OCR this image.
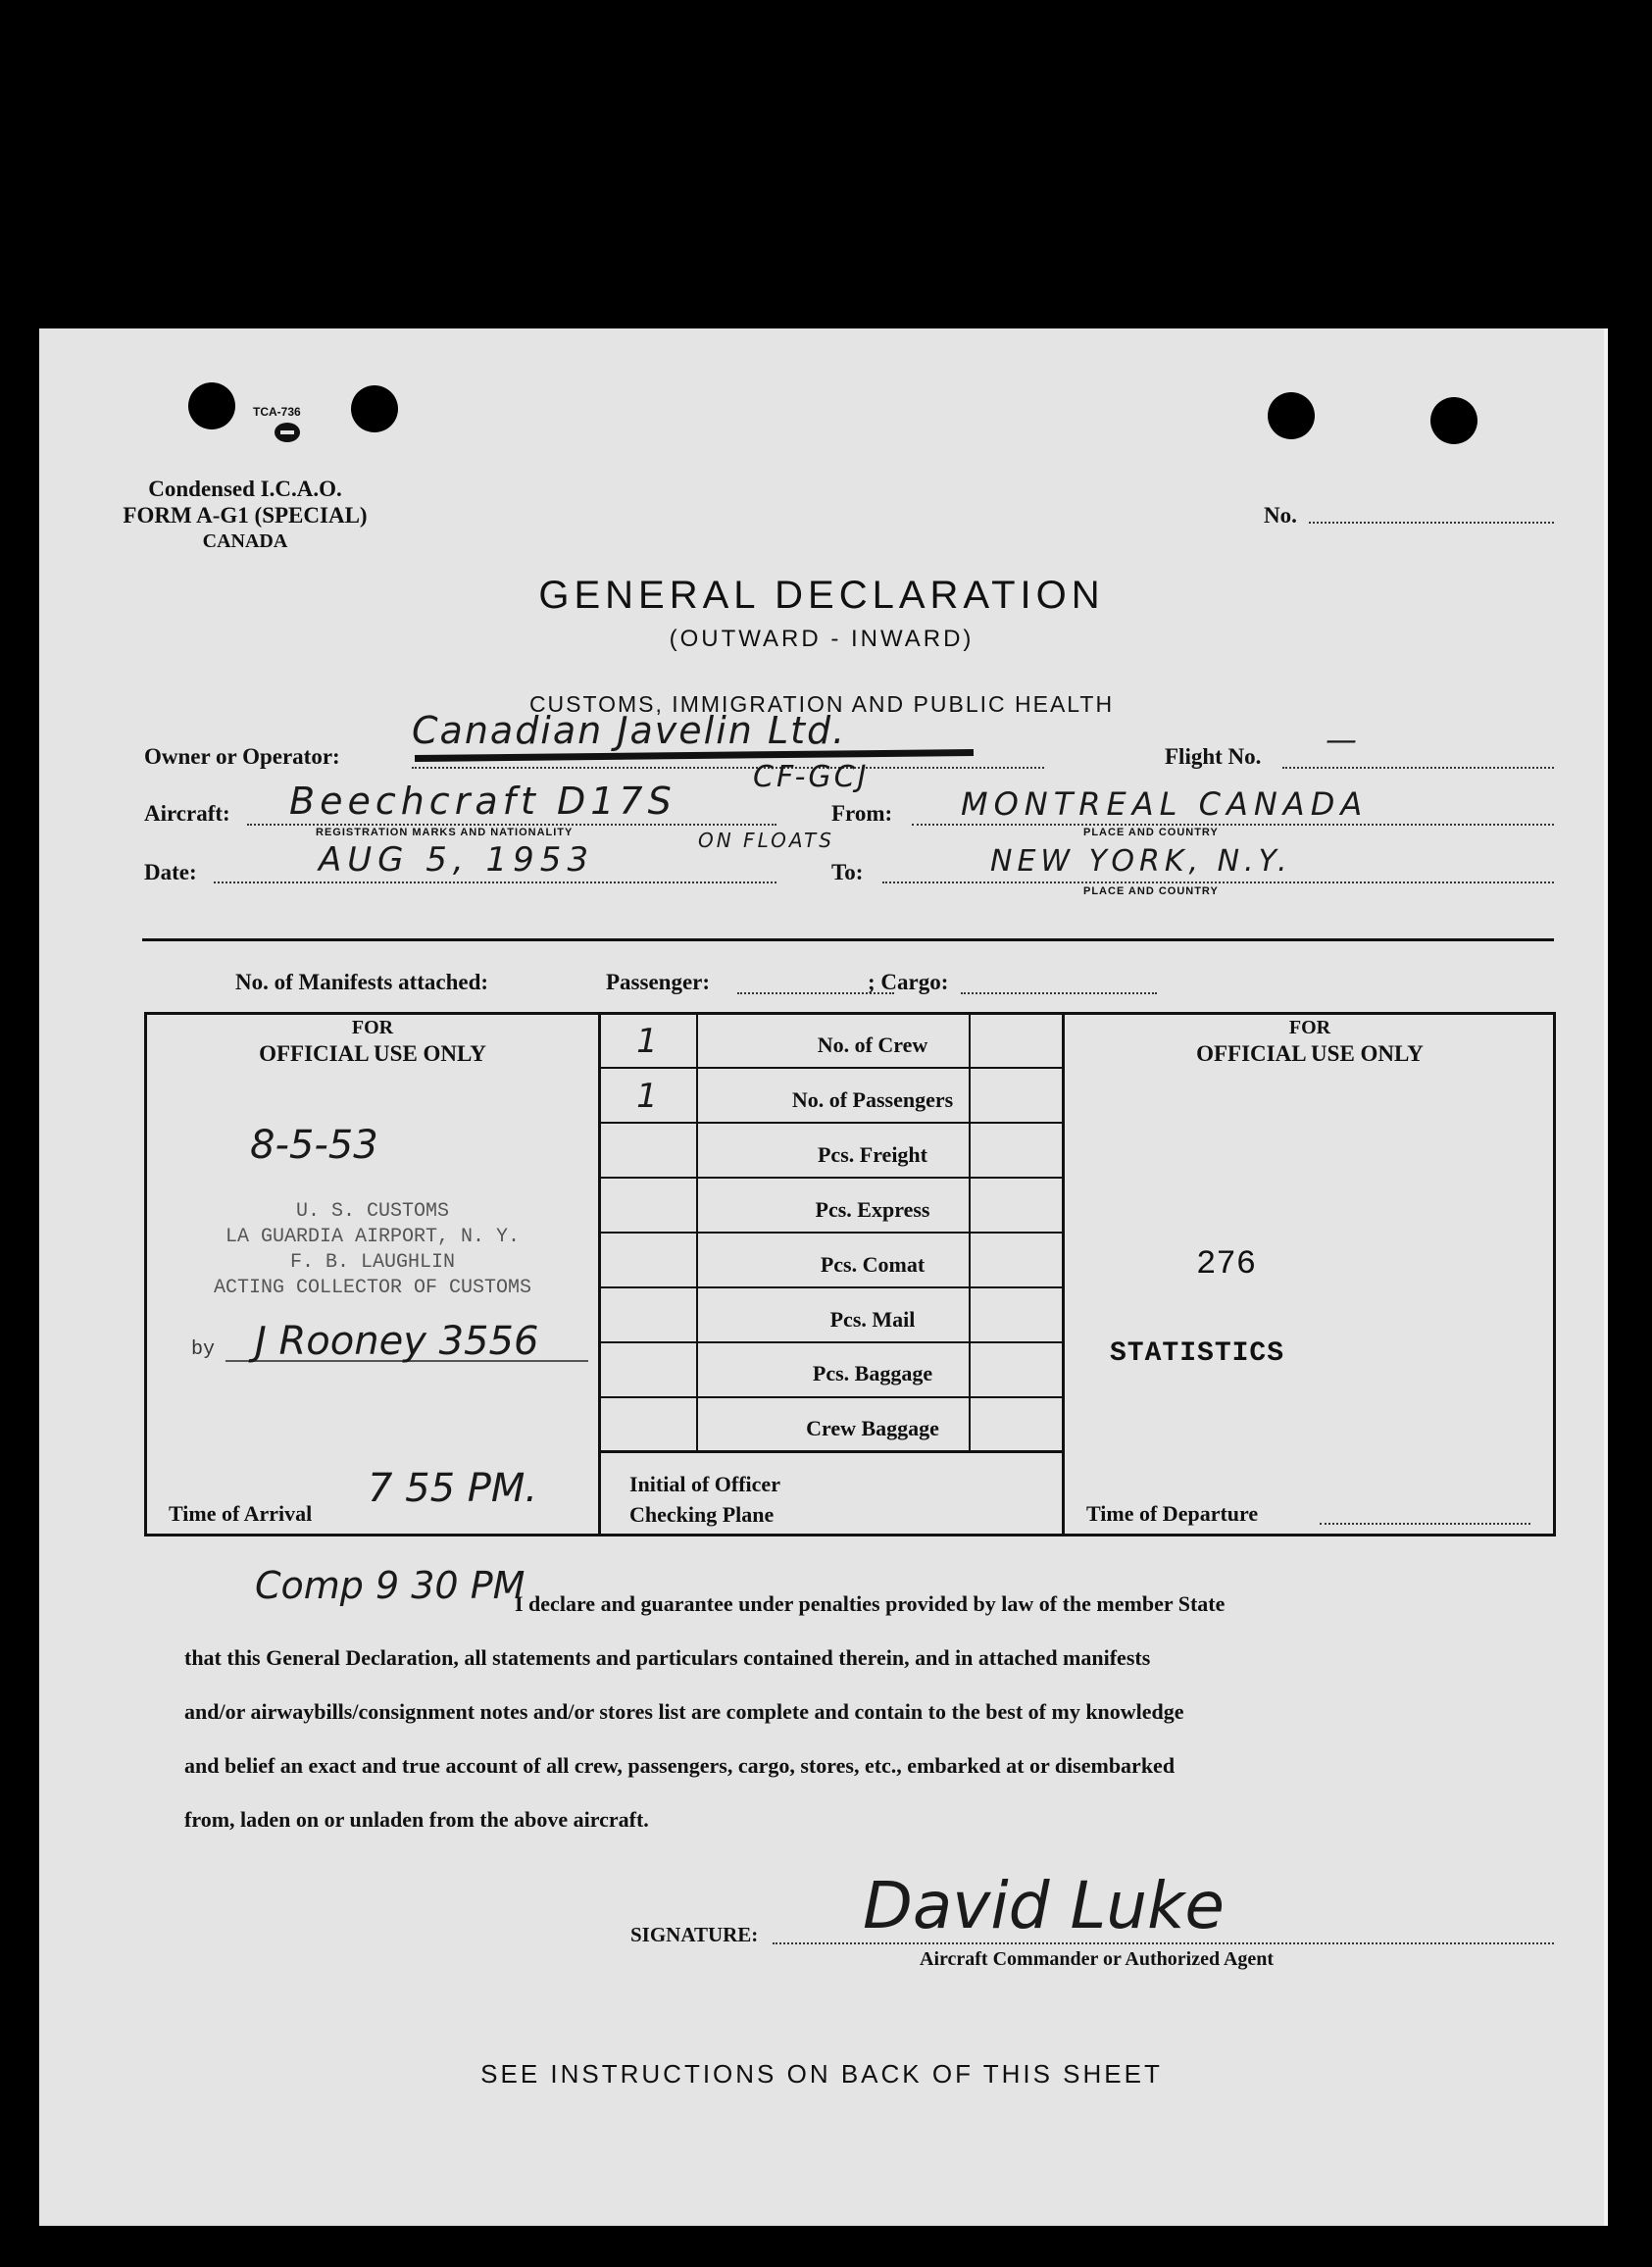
TCA-736
Condensed I.C.A.O.
FORM A-G1 (SPECIAL)
CANADA
No.
GENERAL DECLARATION
(OUTWARD - INWARD)
CUSTOMS, IMMIGRATION AND PUBLIC HEALTH
Owner or Operator:
Canadian Javelin Ltd.
Flight No. —
Aircraft: Beechcraft D17S
CF-GCJ
REGISTRATION MARKS AND NATIONALITY	ON FLOATS
From: MONTREAL CANADA
PLACE AND COUNTRY
Date:	AUG 5, 1953	To:	NEW YORK, N.Y.
PLACE AND COUNTRY
No. of Manifests attached:	Passenger:	; Cargo:
FOR
OFFICIAL USE ONLY
8-5-53
U. S. CUSTOMS
LA GUARDIA AIRPORT, N. Y.
F. B. LAUGHLIN
ACTING COLLECTOR OF CUSTOMS
by J Rooney 3556
Time of Arrival
7 55 PM.
1	No. of Crew
1	No. of Passengers
Pcs. Freight
Pcs. Express
Pcs. Comat
Pcs. Mail
Pcs. Baggage
Crew Baggage
Initial of Officer
Checking Plane
FOR
OFFICIAL USE ONLY
276
STATISTICS
Time of Departure
Comp 9 30 PM
I declare and guarantee under penalties provided by law of the member State
that this General Declaration, all statements and particulars contained therein, and in attached manifests
and/or airwaybills/consignment notes and/or stores list are complete and contain to the best of my knowledge
and belief an exact and true account of all crew, passengers, cargo, stores, etc., embarked at or disembarked
from, laden on or unladen from the above aircraft.
SIGNATURE: David Luke
Aircraft Commander or Authorized Agent
SEE INSTRUCTIONS ON BACK OF THIS SHEET
